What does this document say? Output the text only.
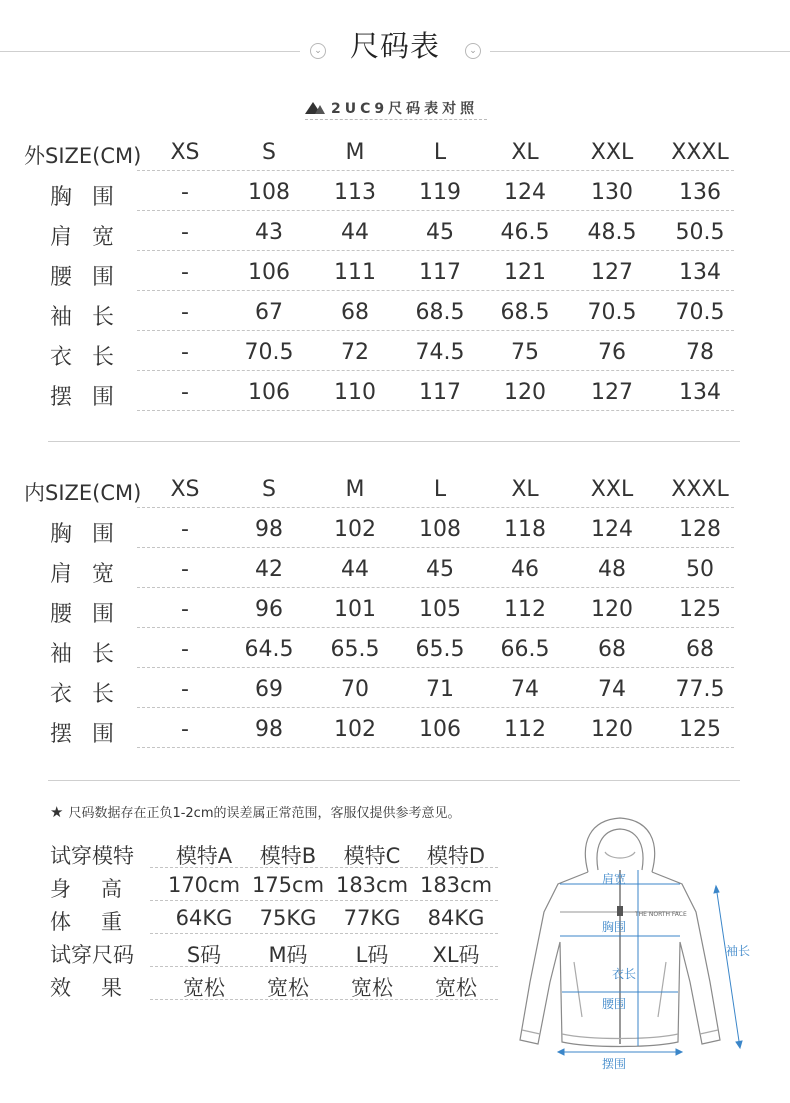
⌄ 尺码表	⌄
2UC9尺码表对照
外SIZE(CM)	XS	S	M	L	XL	XXL	XXXL
胸围	-	108	113	119	124	130	136
肩宽	-	43	44	45	46.5	48.5	50.5
腰围	-	106	111	117	121	127	134
袖长	-	67	68	68.5	68.5	70.5	70.5
衣长	-	70.5	72	74.5	75	76	78
摆围	-	106	110	117	120	127	134
内SIZE(CM)	XS	S	M	L	XL	XXL	XXXL
胸围	-	98	102	108	118	124	128
肩宽	-	42	44	45	46	48	50
腰围	-	96	101	105	112	120	125
袖长	-	64.5	65.5	65.5	66.5	68	68
衣长	-	69	70	71	74	74	77.5
摆围	-	98	102	106	112	120	125
★ 尺码数据存在正负1-2cm的误差属正常范围，客服仅提供参考意见。
试穿模特	模特A	模特B	模特C	模特D
身高 170cm 175cm 183cm 183cm
体重	64KG	75KG	77KG	84KG
试穿尺码	S码	M码	L码	XL码
效果	宽松	宽松	宽松	宽松
THE NORTH FACE
肩宽
胸围
衣长
腰围
袖长
摆围
